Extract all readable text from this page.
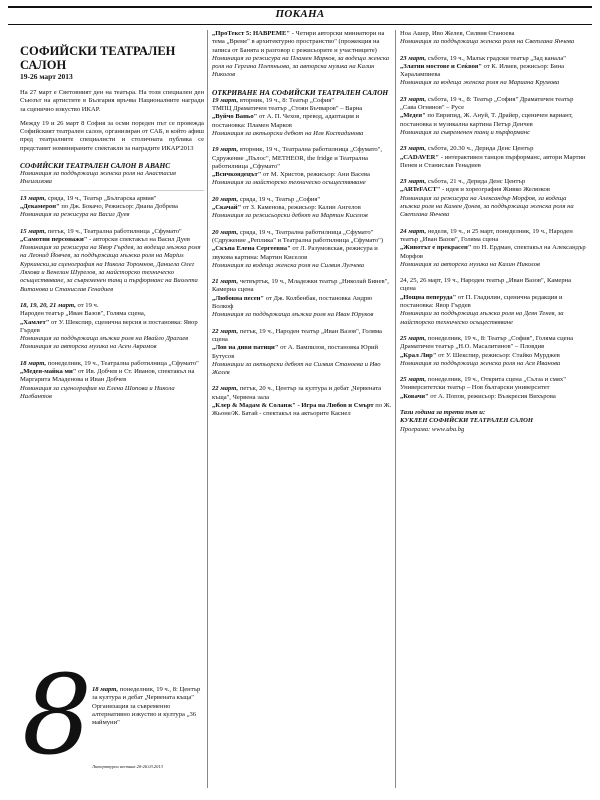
ПОКАНА
СОФИЙСКИ ТЕАТРАЛЕН САЛОН
19-26 март 2013

На 27 март е Световният ден на театъра. На този специален ден Съюзът на артистите в България връчва Националните награди за сценично изкуство ИКАР.

Между 19 и 26 март 8 София за осми пореден път се провежда Софийският театрален салон, организиран от САБ, в който афиш пред театралните специалисти и столичната публика се представят номинираните спектакли за наградите ИКАР'2013

СОФИЙСКИ ТЕАТРАЛЕН САЛОН В АВАНС

Номинация за поддържаща женска роля на Анастасия Ингилизова

13 март, сряда, 19 ч., Театър „Българска армия"
„Декамерон" по Дж. Бокачо, Режисьор: Диана Добрева
Номинация за режисура на Васил Дуев
15 март, петък, 19 ч., Театрална работилница „Сфумато"
„Самотни персонажи" - авторски спектакъл на Васил Дуев
Номинация за режисура на Явор Гърдев, за водеща мъжка роля на Леонид Йовчев, за поддържаща мъжка роля на Марius Куркински,за сценография на Никола Торомнов, Даниела Олег Ляхова и Венелин Шурелов, за майсторско техническо осъществяване, за съвременен танц и пърформанс на Виолета Витанова и Станислав Генадиев
18, 19, 20, 21 март, от 19 ч.
Народен театър „Иван Вазов", Голяма сцена,
„Хамлет" от У. Шекспир, сценична версия и постановка: Явор Гърдев
Номинация за поддържаща мъжка роля на Ивайло Драгиев
Номинация за авторска музика на Асен Аврамов
18 март, понеделник, 19 ч., Театрална работилница „Сфумато"
„Медея-майка ми" от Ив. Добчев и Ст. Иванов, спектакъл на Маргарита Младенова и Иван Добчев
Номинация за сценография на Елена Шопова и Никола Налбантов
8 18 март, понеделник, 19 ч., 8: Център за култура и дебат „Червената къща" Организация за съвременно алтернативно изкуство и култура „36 маймуни"
Литературен вестник 20-26.03.2013
„ПроТекст 5: НАВРЕМЕ" - Четири авторски миниатюри на тема „Време" в архитектурно пространство" (прожекция на записа от Банята и разговор с режисьорите и участниците)
Номинация за режисура на Пламен Марков, за водеща женска роля на Гергана Плетньова, за авторска музика на Калин Николов
ОТКРИВАНЕ НА СОФИЙСКИ ТЕАТРАЛЕН САЛОН
19 март, вторник, 19 ч., 8: Театър „София"
ТМПЦ Драматичен театър „Стоян Бъчваров" – Варна
„Вуйчо Ваньо" от А. П. Чехов, превод, адаптация и постановка: Пламен Марков
Номинация за актьорски дебют на Иля Костадинова
19 март, вторник, 19 ч., Театрална работилница „Сфумато",
Сдружение „Пълос", METHEOR, the fridge и Театрална работилница „Сфумато"
„Всичкоядецът" от М. Христов, режисьор: Ани Васева
Номинация за майсторско техническо осъществяване
20 март, сряда, 19 ч., Театър „София"
„Скачай" от З. Каменова, режисьор: Калин Ангелов
Номинация за режисьорски дебют на Мартин Киселов
20 март, сряда, 19 ч., Театрална работилница „Сфумато" (Сдружение „Реплика" и Театрална работилница „Сфумато")
„Скъпа Елена Сергеевна" от Л. Разумовская, режисура и звукова картина: Мартин Киселов
Номинация за водеща женска роля на Силвия Лулчева
21 март, четвъртък, 19 ч., Младежки театър „Николай Бинев", Камерна сцена
„Любовна песен" от Дж. Колбенбак, постановка Андрю Волкоф
Номинация за поддържаща мъжка роля на Иван Юруков
22 март, петък, 19 ч., Народен театър „Иван Вазов", Голяма сцена
„Лов на диви патици" от А. Вампилов, постановка Юрий Бутусов
Номинации за актьорски дебют на Силвия Станоева и Иво Желев
22 март, петък, 20 ч., Център за култура и дебат „Червената къща", Червена зала
„Клер & Мадам & Соланж" - Игра на Любов и Смърт по Ж. Жьоне/Ж. Батай - спектакъл на актьорите Касиел
Ноа Ашер, Иво Желев, Силвия Станоева
Номинация за поддържаща женска роля на Светлана Янчева
23 март, събота, 19 ч., Малък градски театър „Зад канала"
„Златни мостове и Сеќвоя" от К. Илиев, режисьор: Бина Харалампиева
Номинация за водеща женска роля на Мариана Крумова
23 март, събота, 19 ч., 8: Театър „София" Драматичен театър „Сава Огнянов" – Русе
„Медея" по Еврипид, Ж. Ануй, Т. Драйер, сценичен вариант, постановка и музикална картина Петър Денчев
Номинация за съвременен танц и пърформанс
23 март, събота, 20.30 ч., Дерида Денс Център
„CADAVER" - интерактивен танцов пърформанс, автори Мартин Пенев и Станислав Генадиев
23 март, събота, 21 ч., Дерида Денс Център
„ARTeFACT" - идея и хореография Живко Желязков
Номинация за режисура на Александър Морфов, за водеща мъжка роля на Камен Донев, за поддържаща женска роля на Светлана Янчева
24 март, неделя, 19 ч., и 25 март, понеделник, 19 ч., Народен театър „Иван Вазов", Голяма сцена
„Животът е прекрасен" по Н. Ердман, спектакъл на Александър Морфов
Номинация за авторска музика на Калин Николов
24, 25, 26 март, 19 ч., Народен театър „Иван Вазов", Камерна сцена
„Нощна пеперуда" от П. Гладилин, сценична редакция и постановка: Явор Гърдев
Номинации за поддържаща мъжка роля на Деян Тенев, за майсторско техническо осъществяване
25 март, понеделник, 19 ч., 8: Театър „София", Голяма сцена Драматичен театър „Н.О. Масалитинов" – Пловдив
„Крал Лир" от У. Шекспир, режисьор: Стайко Мурджев
Номинация за поддържаща женска роля на Ася Иванова
25 март, понеделник, 19 ч., Открита сцена „Сълза и смях" Университетски театър – Нов български университет
„Ковачи" от А. Попов, режисьор: Възкресия Вихърова
Тази година за трети път и:
КУКЛЕН СОФИЙСКИ ТЕАТРАЛЕН САЛОН
Програма: www.uba.bg
